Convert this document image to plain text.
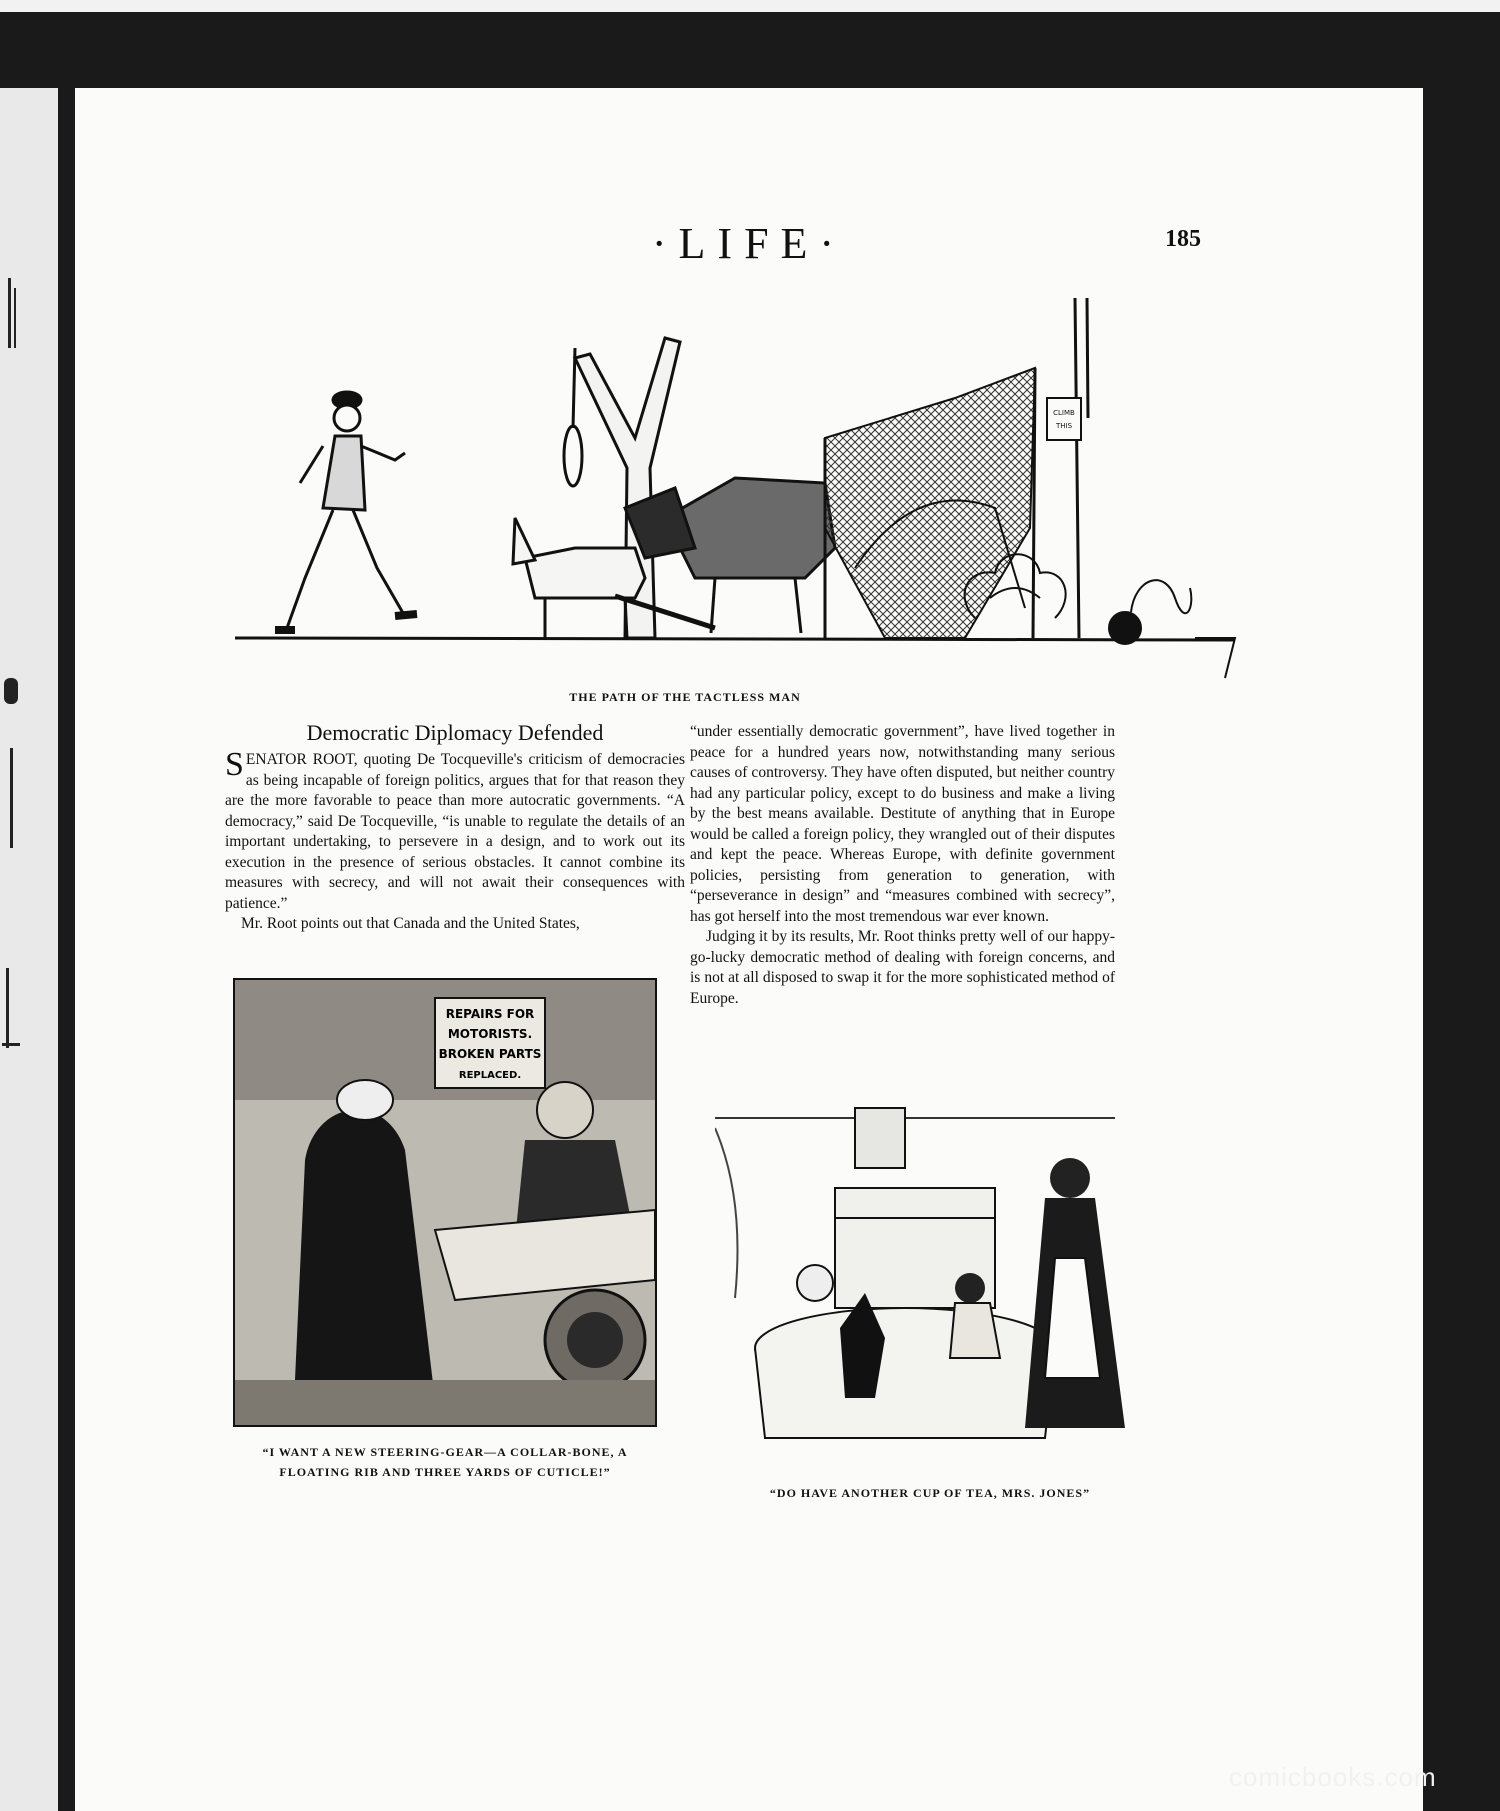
·LIFE·	185
CLIMB
THIS
THE PATH OF THE TACTLESS MAN
Democratic Diplomacy Defended

SENATOR ROOT, quoting De Tocqueville's criticism of democracies as being incapable of foreign politics, argues that for that reason they are the more favorable to peace than more autocratic governments. “A democracy,” said De Tocqueville, “is unable to regulate the details of an important undertaking, to persevere in a design, and to work out its execution in the presence of serious obstacles. It cannot combine its measures with secrecy, and will not await their consequences with patience.”

Mr. Root points out that Canada and the United States,

“under essentially democratic government”, have lived together in peace for a hundred years now, notwithstanding many serious causes of controversy. They have often disputed, but neither country had any particular policy, except to do business and make a living by the best means available. Destitute of anything that in Europe would be called a foreign policy, they wrangled out of their disputes and kept the peace. Whereas Europe, with definite government policies, persisting from generation to generation, with “perseverance in design” and “measures combined with secrecy”, has got herself into the most tremendous war ever known.

Judging it by its results, Mr. Root thinks pretty well of our happy-go-lucky democratic method of dealing with foreign concerns, and is not at all disposed to swap it for the more sophisticated method of Europe.

REPAIRS FOR
MOTORISTS.
BROKEN PARTS
REPLACED.
“I WANT A NEW STEERING-GEAR—A COLLAR-BONE, A
FLOATING RIB AND THREE YARDS OF CUTICLE!”
“DO HAVE ANOTHER CUP OF TEA, MRS. JONES”
comicbooks.com
